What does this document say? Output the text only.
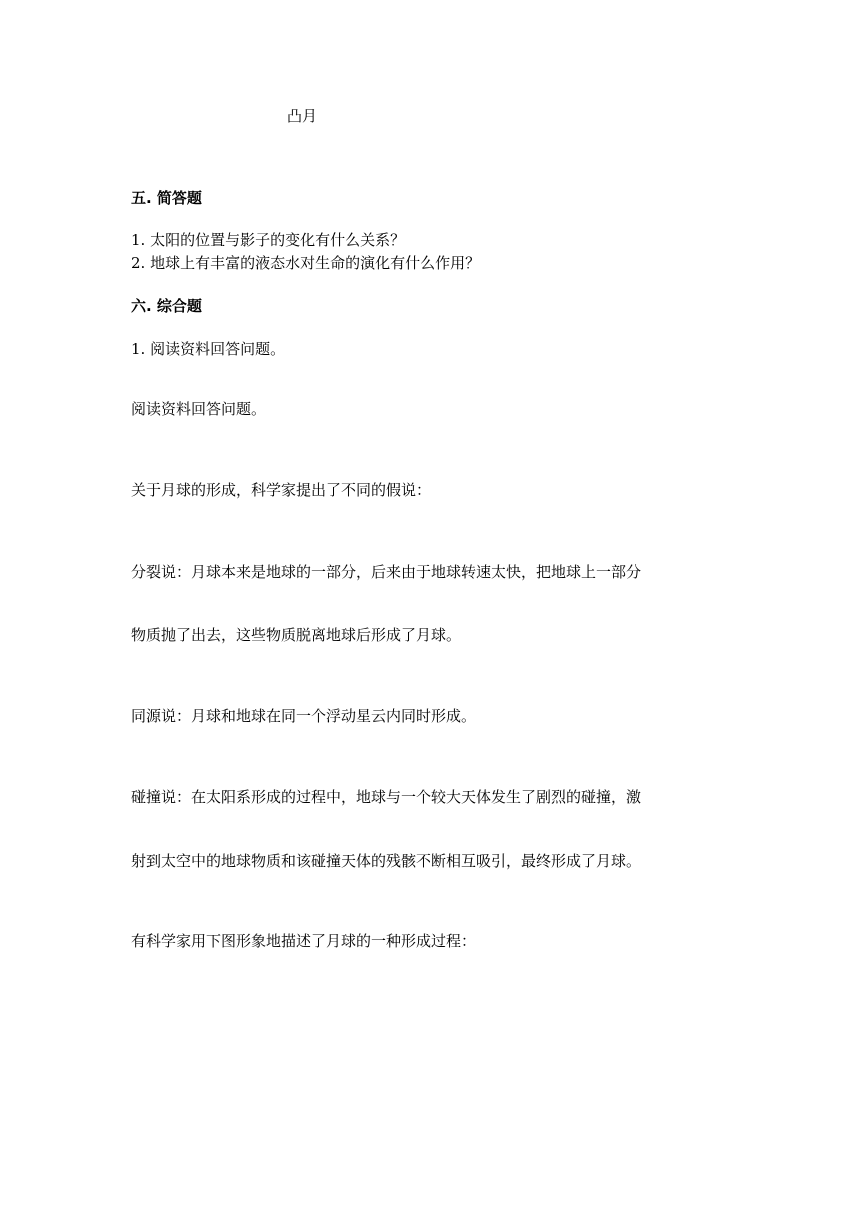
凸月

五. 简答题

1. 太阳的位置与影子的变化有什么关系？

2. 地球上有丰富的液态水对生命的演化有什么作用？

六. 综合题

1. 阅读资料回答问题。

阅读资料回答问题。

关于月球的形成，科学家提出了不同的假说：

分裂说：月球本来是地球的一部分，后来由于地球转速太快，把地球上一部分

物质抛了出去，这些物质脱离地球后形成了月球。

同源说：月球和地球在同一个浮动星云内同时形成。

碰撞说：在太阳系形成的过程中，地球与一个较大天体发生了剧烈的碰撞，激

射到太空中的地球物质和该碰撞天体的残骸不断相互吸引，最终形成了月球。

有科学家用下图形象地描述了月球的一种形成过程：
